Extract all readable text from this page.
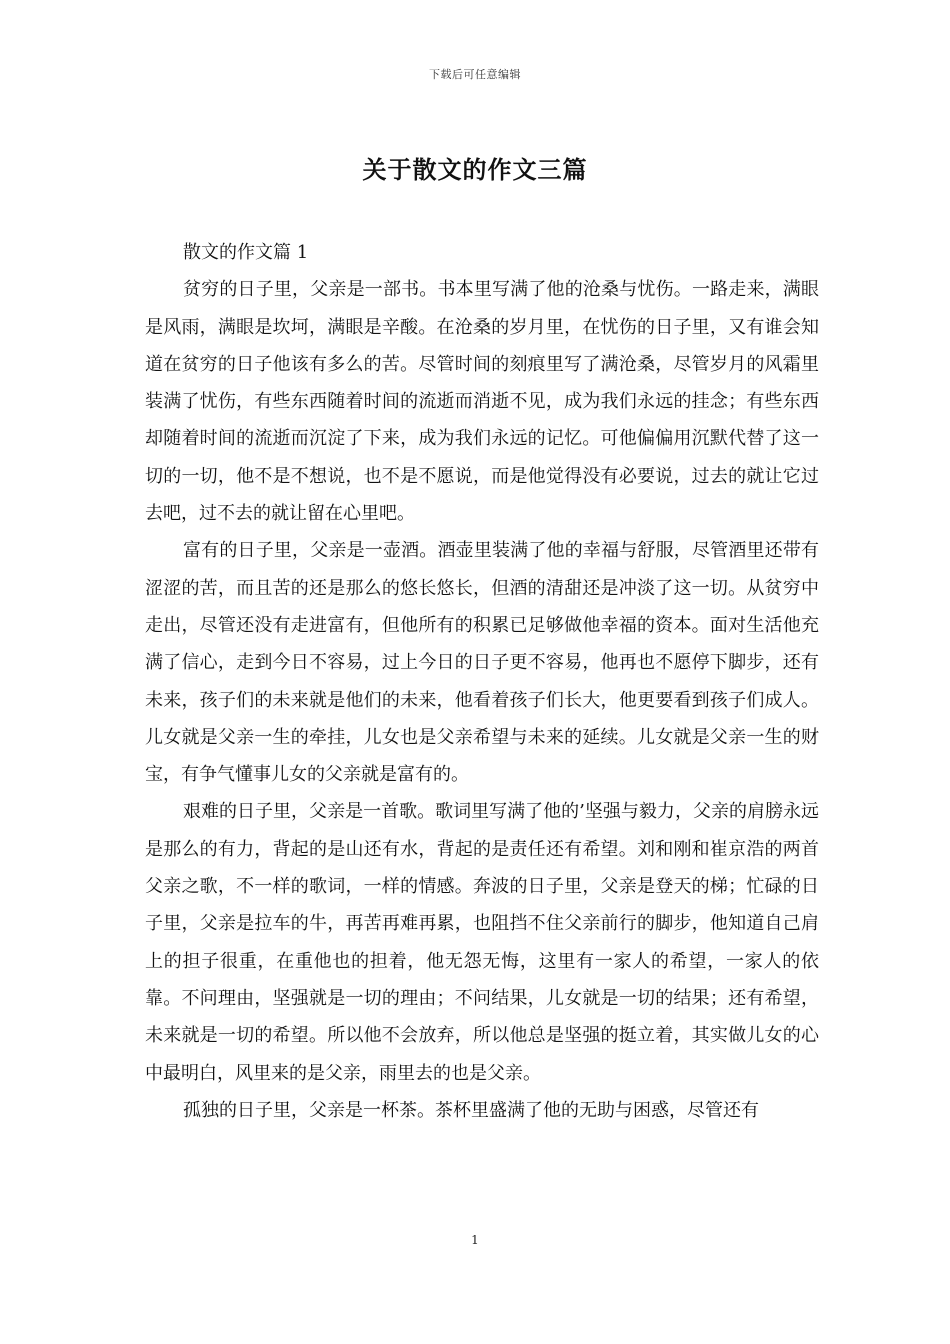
下载后可任意编辑
关于散文的作文三篇

散文的作文篇 1

贫穷的日子里，父亲是一部书。书本里写满了他的沧桑与忧伤。一路走来，满眼是风雨，满眼是坎坷，满眼是辛酸。在沧桑的岁月里，在忧伤的日子里，又有谁会知道在贫穷的日子他该有多么的苦。尽管时间的刻痕里写了满沧桑，尽管岁月的风霜里装满了忧伤，有些东西随着时间的流逝而消逝不见，成为我们永远的挂念；有些东西却随着时间的流逝而沉淀了下来，成为我们永远的记忆。可他偏偏用沉默代替了这一切的一切，他不是不想说，也不是不愿说，而是他觉得没有必要说，过去的就让它过去吧，过不去的就让留在心里吧。

富有的日子里，父亲是一壶酒。酒壶里装满了他的幸福与舒服，尽管酒里还带有涩涩的苦，而且苦的还是那么的悠长悠长，但酒的清甜还是冲淡了这一切。从贫穷中走出，尽管还没有走进富有，但他所有的积累已足够做他幸福的资本。面对生活他充满了信心，走到今日不容易，过上今日的日子更不容易，他再也不愿停下脚步，还有未来，孩子们的未来就是他们的未来，他看着孩子们长大，他更要看到孩子们成人。儿女就是父亲一生的牵挂，儿女也是父亲希望与未来的延续。儿女就是父亲一生的财宝，有争气懂事儿女的父亲就是富有的。

艰难的日子里，父亲是一首歌。歌词里写满了他的’坚强与毅力，父亲的肩膀永远是那么的有力，背起的是山还有水，背起的是责任还有希望。刘和刚和崔京浩的两首父亲之歌，不一样的歌词，一样的情感。奔波的日子里，父亲是登天的梯；忙碌的日子里，父亲是拉车的牛，再苦再难再累，也阻挡不住父亲前行的脚步，他知道自己肩上的担子很重，在重他也的担着，他无怨无悔，这里有一家人的希望，一家人的依靠。不问理由，坚强就是一切的理由；不问结果，儿女就是一切的结果；还有希望，未来就是一切的希望。所以他不会放弃，所以他总是坚强的挺立着，其实做儿女的心中最明白，风里来的是父亲，雨里去的也是父亲。

孤独的日子里，父亲是一杯茶。茶杯里盛满了他的无助与困惑，尽管还有

1
